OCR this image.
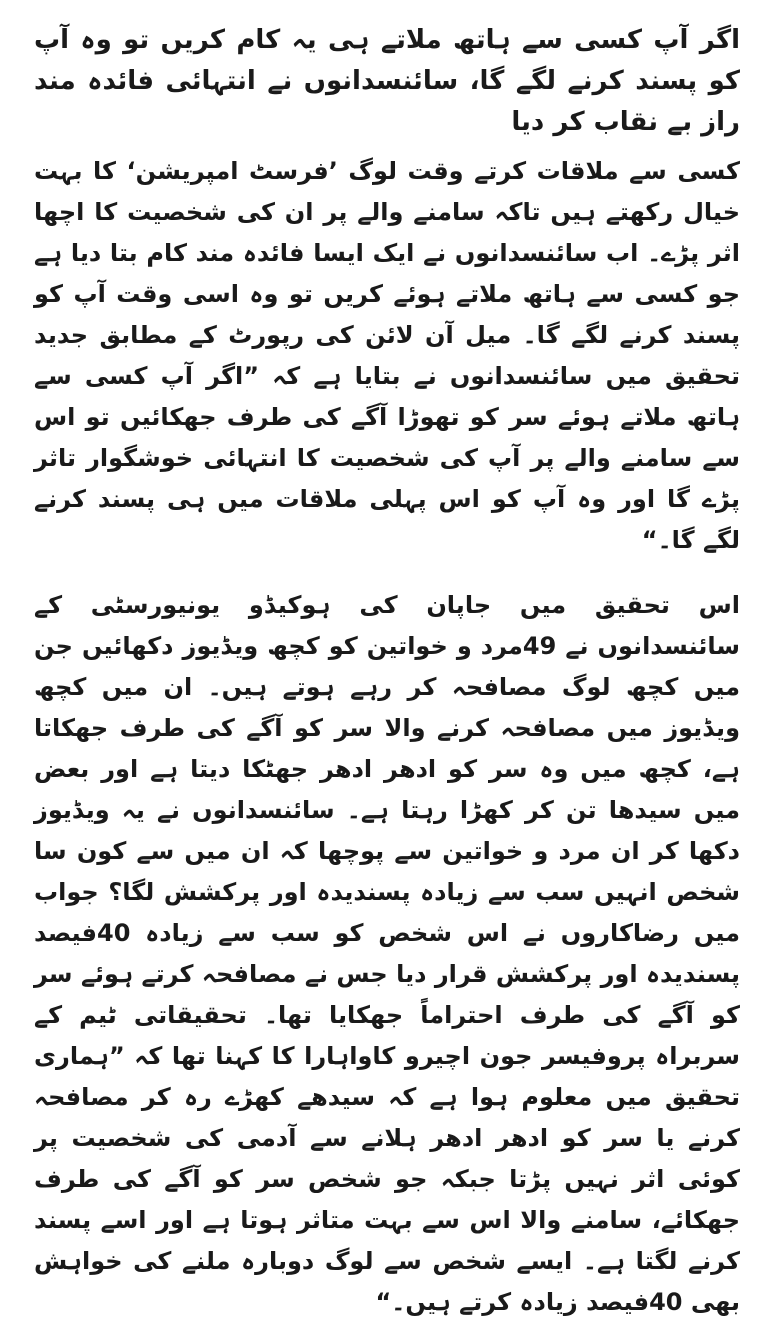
اگر آپ کسی سے ہاتھ ملاتے ہی یہ کام کریں تو وہ آپ کو پسند کرنے لگے گا، سائنسدانوں نے انتہائی فائدہ مند راز بے نقاب کر دیا

کسی سے ملاقات کرتے وقت لوگ ’فرسٹ امپریشن‘ کا بہت خیال رکھتے ہیں تاکہ سامنے والے پر ان کی شخصیت کا اچھا اثر پڑے۔ اب سائنسدانوں نے ایک ایسا فائدہ مند کام بتا دیا ہے جو کسی سے ہاتھ ملاتے ہوئے کریں تو وہ اسی وقت آپ کو پسند کرنے لگے گا۔ میل آن لائن کی رپورٹ کے مطابق جدید تحقیق میں سائنسدانوں نے بتایا ہے کہ ”اگر آپ کسی سے ہاتھ ملاتے ہوئے سر کو تھوڑا آگے کی طرف جھکائیں تو اس سے سامنے والے پر آپ کی شخصیت کا انتہائی خوشگوار تاثر پڑے گا اور وہ آپ کو اس پہلی ملاقات میں ہی پسند کرنے لگے گا۔“

اس تحقیق میں جاپان کی ہوکیڈو یونیورسٹی کے سائنسدانوں نے 49مرد و خواتین کو کچھ ویڈیوز دکھائیں جن میں کچھ لوگ مصافحہ کر رہے ہوتے ہیں۔ ان میں کچھ ویڈیوز میں مصافحہ کرنے والا سر کو آگے کی طرف جھکاتا ہے، کچھ میں وہ سر کو ادھر ادھر جھٹکا دیتا ہے اور بعض میں سیدھا تن کر کھڑا رہتا ہے۔ سائنسدانوں نے یہ ویڈیوز دکھا کر ان مرد و خواتین سے پوچھا کہ ان میں سے کون سا شخص انہیں سب سے زیادہ پسندیدہ اور پرکشش لگا؟ جواب میں رضاکاروں نے اس شخص کو سب سے زیادہ 40فیصد پسندیدہ اور پرکشش قرار دیا جس نے مصافحہ کرتے ہوئے سر کو آگے کی طرف احتراماً جھکایا تھا۔ تحقیقاتی ٹیم کے سربراہ پروفیسر جون اچیرو کاواہارا کا کہنا تھا کہ ”ہماری تحقیق میں معلوم ہوا ہے کہ سیدھے کھڑے رہ کر مصافحہ کرنے یا سر کو ادھر ادھر ہلانے سے آدمی کی شخصیت پر کوئی اثر نہیں پڑتا جبکہ جو شخص سر کو آگے کی طرف جھکائے، سامنے والا اس سے بہت متاثر ہوتا ہے اور اسے پسند کرنے لگتا ہے۔ ایسے شخص سے لوگ دوبارہ ملنے کی خواہش بھی 40فیصد زیادہ کرتے ہیں۔“
